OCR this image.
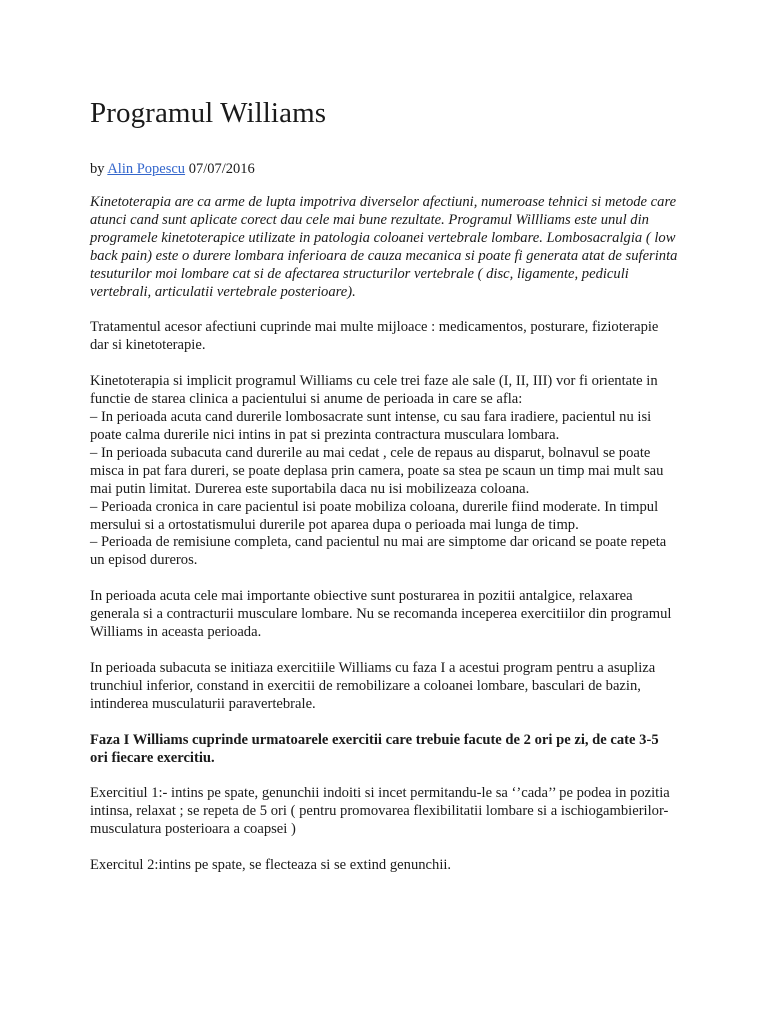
Programul Williams
by Alin Popescu 07/07/2016

Kinetoterapia are ca arme de lupta impotriva diverselor afectiuni, numeroase tehnici si metode care atunci cand sunt aplicate corect dau cele mai bune rezultate. Programul Willliams este unul din programele kinetoterapice utilizate in patologia coloanei vertebrale lombare. Lombosacralgia ( low back pain) este o durere lombara inferioara de cauza mecanica si poate fi generata atat de suferinta tesuturilor moi lombare cat si de afectarea structurilor vertebrale ( disc, ligamente, pediculi vertebrali, articulatii vertebrale posterioare).

Tratamentul acesor afectiuni cuprinde mai multe mijloace : medicamentos, posturare, fizioterapie dar si kinetoterapie.

Kinetoterapia si implicit programul Williams cu cele trei faze ale sale (I, II, III) vor fi orientate in functie de starea clinica a pacientului si anume de perioada in care se afla:
– In perioada acuta cand durerile lombosacrate sunt intense, cu sau fara iradiere, pacientul nu isi poate calma durerile nici intins in pat si prezinta contractura musculara lombara.
– In perioada subacuta cand durerile au mai cedat , cele de repaus au disparut, bolnavul se poate misca in pat fara dureri, se poate deplasa prin camera, poate sa stea pe scaun un timp mai mult sau mai putin limitat. Durerea este suportabila daca nu isi mobilizeaza coloana.
– Perioada cronica in care pacientul isi poate mobiliza coloana, durerile fiind moderate. In timpul mersului si a ortostatismului durerile pot aparea dupa o perioada mai lunga de timp.
– Perioada de remisiune completa, cand pacientul nu mai are simptome dar oricand se poate repeta un episod dureros.

In perioada acuta cele mai importante obiective sunt posturarea in pozitii antalgice, relaxarea generala si a contracturii musculare lombare. Nu se recomanda inceperea exercitiilor din programul Williams in aceasta perioada.

In perioada subacuta se initiaza exercitiile Williams cu faza I a acestui program pentru a asupliza trunchiul inferior, constand in exercitii de remobilizare a coloanei lombare, basculari de bazin, intinderea musculaturii paravertebrale.

Faza I Williams cuprinde urmatoarele exercitii care trebuie facute de 2 ori pe zi, de cate 3-5 ori fiecare exercitiu.

Exercitiul 1:- intins pe spate, genunchii indoiti si incet permitandu-le sa ‘’cada’’ pe podea in pozitia intinsa, relaxat ; se repeta de 5 ori ( pentru promovarea flexibilitatii lombare si a ischiogambierilor-musculatura posterioara a coapsei )

Exercitul 2:intins pe spate, se flecteaza si se extind genunchii.
